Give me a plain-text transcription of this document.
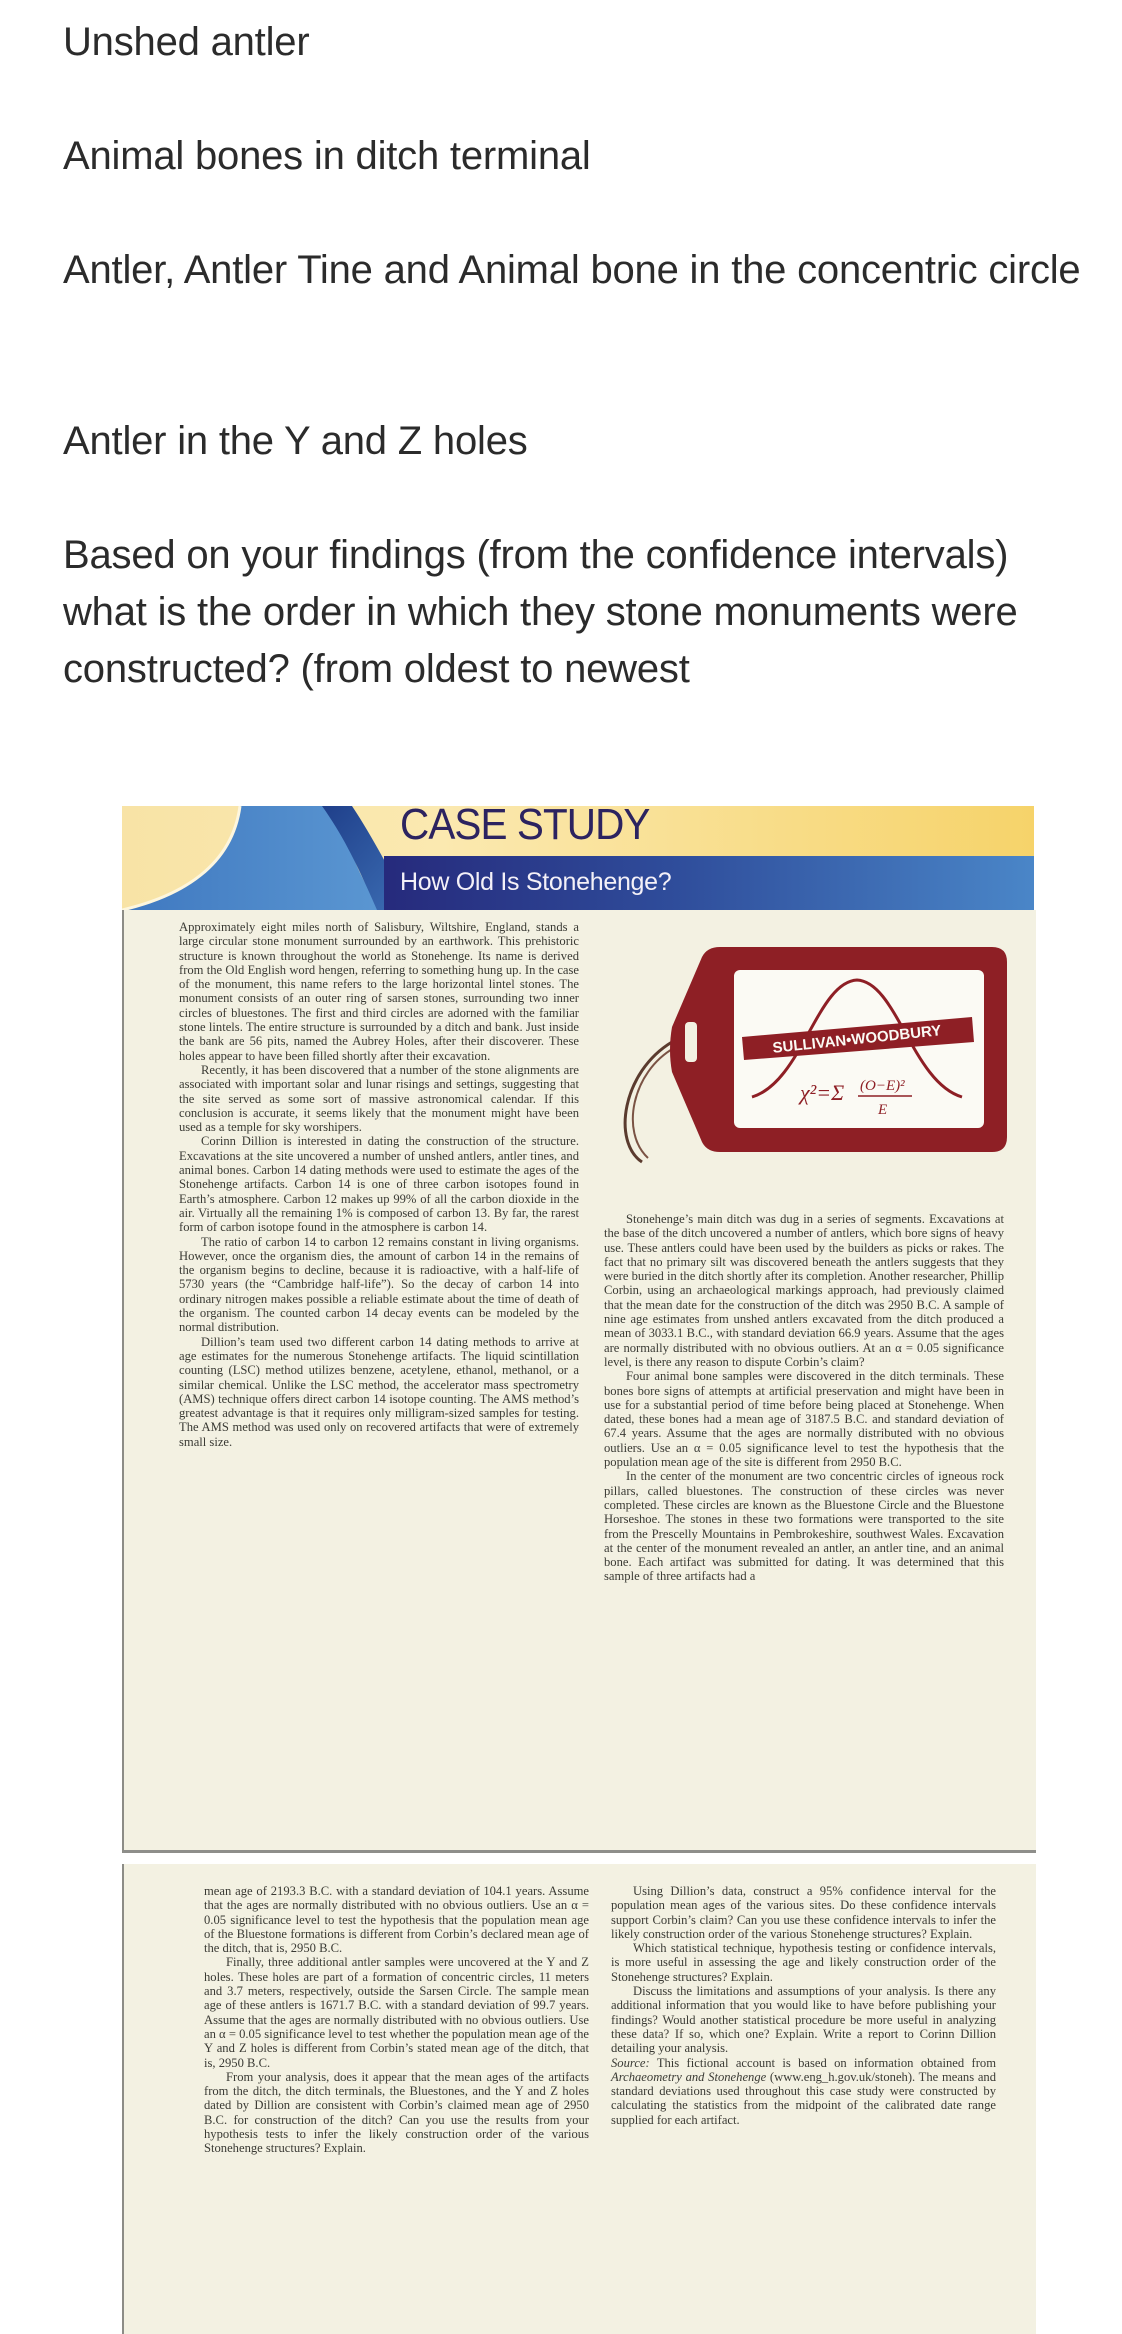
Unshed antler

Animal bones in ditch terminal

Antler, Antler Tine and Animal bone in the concentric circle

Antler in the Y and Z holes

Based on your findings (from the confidence intervals) what is the order in which they stone monuments were constructed? (from oldest to newest

CASE STUDY
How Old Is Stonehenge?

Approximately eight miles north of Salisbury, Wiltshire, England, stands a large circular stone monument surrounded by an earthwork. This prehistoric structure is known throughout the world as Stonehenge. Its name is derived from the Old English word hengen, referring to something hung up. In the case of the monument, this name refers to the large horizontal lintel stones. The monument consists of an outer ring of sarsen stones, surrounding two inner circles of bluestones. The first and third circles are adorned with the familiar stone lintels. The entire structure is surrounded by a ditch and bank. Just inside the bank are 56 pits, named the Aubrey Holes, after their discoverer. These holes appear to have been filled shortly after their excavation.

Recently, it has been discovered that a number of the stone alignments are associated with important solar and lunar risings and settings, suggesting that the site served as some sort of massive astronomical calendar. If this conclusion is accurate, it seems likely that the monument might have been used as a temple for sky worshipers.

Corinn Dillion is interested in dating the construction of the structure. Excavations at the site uncovered a number of unshed antlers, antler tines, and animal bones. Carbon 14 dating methods were used to estimate the ages of the Stonehenge artifacts. Carbon 14 is one of three carbon isotopes found in Earth’s atmosphere. Carbon 12 makes up 99% of all the carbon dioxide in the air. Virtually all the remaining 1% is composed of carbon 13. By far, the rarest form of carbon isotope found in the atmosphere is carbon 14.

The ratio of carbon 14 to carbon 12 remains constant in living organisms. However, once the organism dies, the amount of carbon 14 in the remains of the organism begins to decline, because it is radioactive, with a half-life of 5730 years (the “Cambridge half-life”). So the decay of carbon 14 into ordinary nitrogen makes possible a reliable estimate about the time of death of the organism. The counted carbon 14 decay events can be modeled by the normal distribution.

Dillion’s team used two different carbon 14 dating methods to arrive at age estimates for the numerous Stonehenge artifacts. The liquid scintillation counting (LSC) method utilizes benzene, acetylene, ethanol, methanol, or a similar chemical. Unlike the LSC method, the accelerator mass spectrometry (AMS) technique offers direct carbon 14 isotope counting. The AMS method’s greatest advantage is that it requires only milligram-sized samples for testing. The AMS method was used only on recovered artifacts that were of extremely small size.

SULLIVAN•WOODBURY
χ²=Σ (O−E)²
E

Stonehenge’s main ditch was dug in a series of segments. Excavations at the base of the ditch uncovered a number of antlers, which bore signs of heavy use. These antlers could have been used by the builders as picks or rakes. The fact that no primary silt was discovered beneath the antlers suggests that they were buried in the ditch shortly after its completion. Another researcher, Phillip Corbin, using an archaeological markings approach, had previously claimed that the mean date for the construction of the ditch was 2950 B.C. A sample of nine age estimates from unshed antlers excavated from the ditch produced a mean of 3033.1 B.C., with standard deviation 66.9 years. Assume that the ages are normally distributed with no obvious outliers. At an α = 0.05 significance level, is there any reason to dispute Corbin’s claim?

Four animal bone samples were discovered in the ditch terminals. These bones bore signs of attempts at artificial preservation and might have been in use for a substantial period of time before being placed at Stonehenge. When dated, these bones had a mean age of 3187.5 B.C. and standard deviation of 67.4 years. Assume that the ages are normally distributed with no obvious outliers. Use an α = 0.05 significance level to test the hypothesis that the population mean age of the site is different from 2950 B.C.

In the center of the monument are two concentric circles of igneous rock pillars, called bluestones. The construction of these circles was never completed. These circles are known as the Bluestone Circle and the Bluestone Horseshoe. The stones in these two formations were transported to the site from the Prescelly Mountains in Pembrokeshire, southwest Wales. Excavation at the center of the monument revealed an antler, an antler tine, and an animal bone. Each artifact was submitted for dating. It was determined that this sample of three artifacts had a

mean age of 2193.3 B.C. with a standard deviation of 104.1 years. Assume that the ages are normally distributed with no obvious outliers. Use an α = 0.05 significance level to test the hypothesis that the population mean age of the Bluestone formations is different from Corbin’s declared mean age of the ditch, that is, 2950 B.C.

Finally, three additional antler samples were uncovered at the Y and Z holes. These holes are part of a formation of concentric circles, 11 meters and 3.7 meters, respectively, outside the Sarsen Circle. The sample mean age of these antlers is 1671.7 B.C. with a standard deviation of 99.7 years. Assume that the ages are normally distributed with no obvious outliers. Use an α = 0.05 significance level to test whether the population mean age of the Y and Z holes is different from Corbin’s stated mean age of the ditch, that is, 2950 B.C.

From your analysis, does it appear that the mean ages of the artifacts from the ditch, the ditch terminals, the Bluestones, and the Y and Z holes dated by Dillion are consistent with Corbin’s claimed mean age of 2950 B.C. for construction of the ditch? Can you use the results from your hypothesis tests to infer the likely construction order of the various Stonehenge structures? Explain.

Using Dillion’s data, construct a 95% confidence interval for the population mean ages of the various sites. Do these confidence intervals support Corbin’s claim? Can you use these confidence intervals to infer the likely construction order of the various Stonehenge structures? Explain.

Which statistical technique, hypothesis testing or confidence intervals, is more useful in assessing the age and likely construction order of the Stonehenge structures? Explain.

Discuss the limitations and assumptions of your analysis. Is there any additional information that you would like to have before publishing your findings? Would another statistical procedure be more useful in analyzing these data? If so, which one? Explain. Write a report to Corinn Dillion detailing your analysis.

Source: This fictional account is based on information obtained from Archaeometry and Stonehenge (www.eng_h.gov.uk/stoneh). The means and standard deviations used throughout this case study were constructed by calculating the statistics from the midpoint of the calibrated date range supplied for each artifact.
